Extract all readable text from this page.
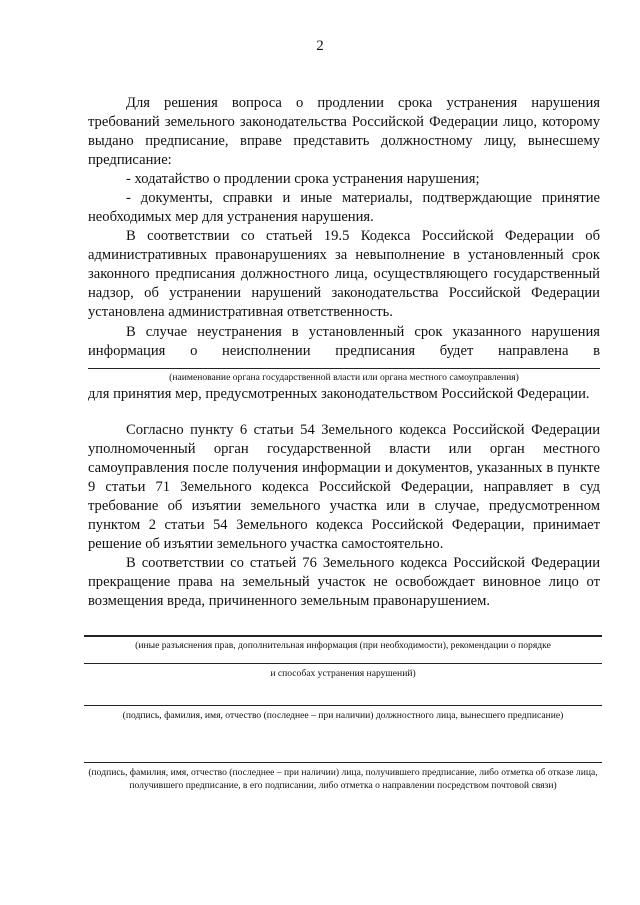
2
Для решения вопроса о продлении срока устранения нарушения требований земельного законодательства Российской Федерации лицо, которому выдано предписание, вправе представить должностному лицу, вынесшему предписание:
- ходатайство о продлении срока устранения нарушения;
- документы, справки и иные материалы, подтверждающие принятие необходимых мер для устранения нарушения.
В соответствии со статьей 19.5 Кодекса Российской Федерации об административных правонарушениях за невыполнение в установленный срок законного предписания должностного лица, осуществляющего государственный надзор, об устранении нарушений законодательства Российской Федерации установлена административная ответственность.
В случае неустранения в установленный срок указанного нарушения информация о неисполнении предписания будет направлена в
(наименование органа государственной власти или органа местного самоуправления)
для принятия мер, предусмотренных законодательством Российской Федерации.
Согласно пункту 6 статьи 54 Земельного кодекса Российской Федерации уполномоченный орган государственной власти или орган местного самоуправления после получения информации и документов, указанных в пункте 9 статьи 71 Земельного кодекса Российской Федерации, направляет в суд требование об изъятии земельного участка или в случае, предусмотренном пунктом 2 статьи 54 Земельного кодекса Российской Федерации, принимает решение об изъятии земельного участка самостоятельно.
В соответствии со статьей 76 Земельного кодекса Российской Федерации прекращение права на земельный участок не освобождает виновное лицо от возмещения вреда, причиненного земельным правонарушением.
(иные разъяснения прав, дополнительная информация (при необходимости), рекомендации о порядке
и способах устранения нарушений)
(подпись, фамилия, имя, отчество (последнее – при наличии) должностного лица, вынесшего предписание)
(подпись, фамилия, имя, отчество (последнее – при наличии) лица, получившего предписание, либо отметка об отказе лица, получившего предписание, в его подписании, либо отметка о направлении посредством почтовой связи)
